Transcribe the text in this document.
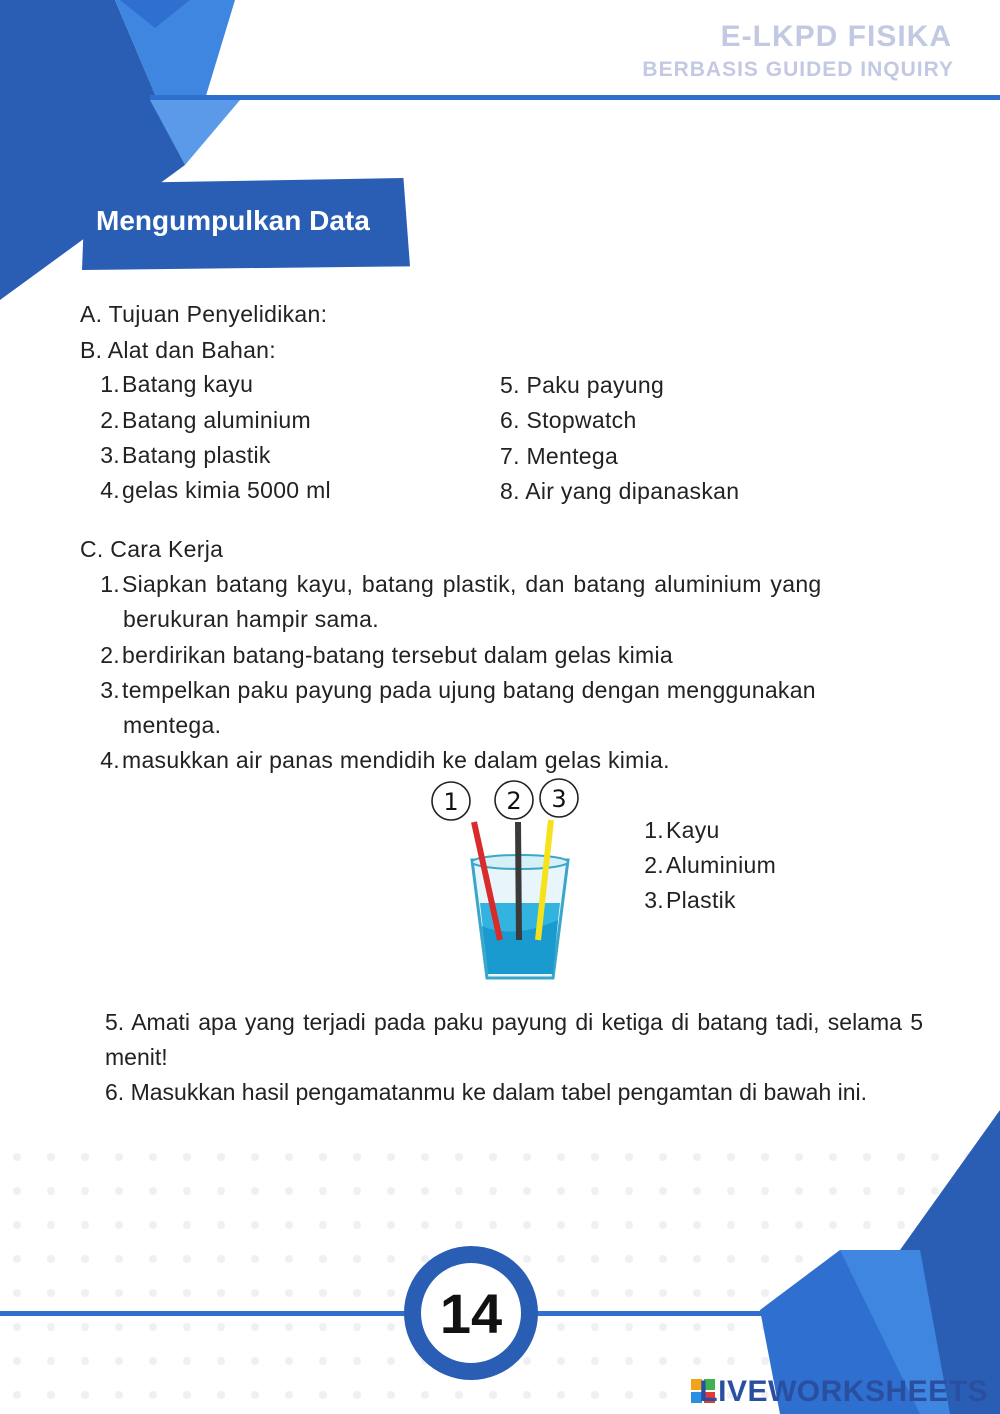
E-LKPD FISIKA
BERBASIS GUIDED INQUIRY
Mengumpulkan Data
A. Tujuan Penyelidikan:
B. Alat dan Bahan:
1.Batang kayu
2.Batang aluminium
3.Batang plastik
4.gelas kimia 5000 ml
5. Paku payung
6. Stopwatch
7. Mentega
8. Air yang dipanaskan
C. Cara Kerja
1.Siapkan batang kayu, batang plastik, dan batang aluminium yang
berukuran hampir sama.
2.berdirikan batang-batang tersebut dalam gelas kimia
3.tempelkan paku payung pada ujung batang dengan menggunakan
mentega.
4.masukkan air panas mendidih ke dalam gelas kimia.
1 2 3
1.Kayu
2.Aluminium
3.Plastik
5. Amati apa yang terjadi pada paku payung di ketiga di batang tadi, selama 5 menit!
6. Masukkan hasil pengamatanmu ke dalam tabel pengamtan di bawah ini.
14
LIVEWORKSHEETS
